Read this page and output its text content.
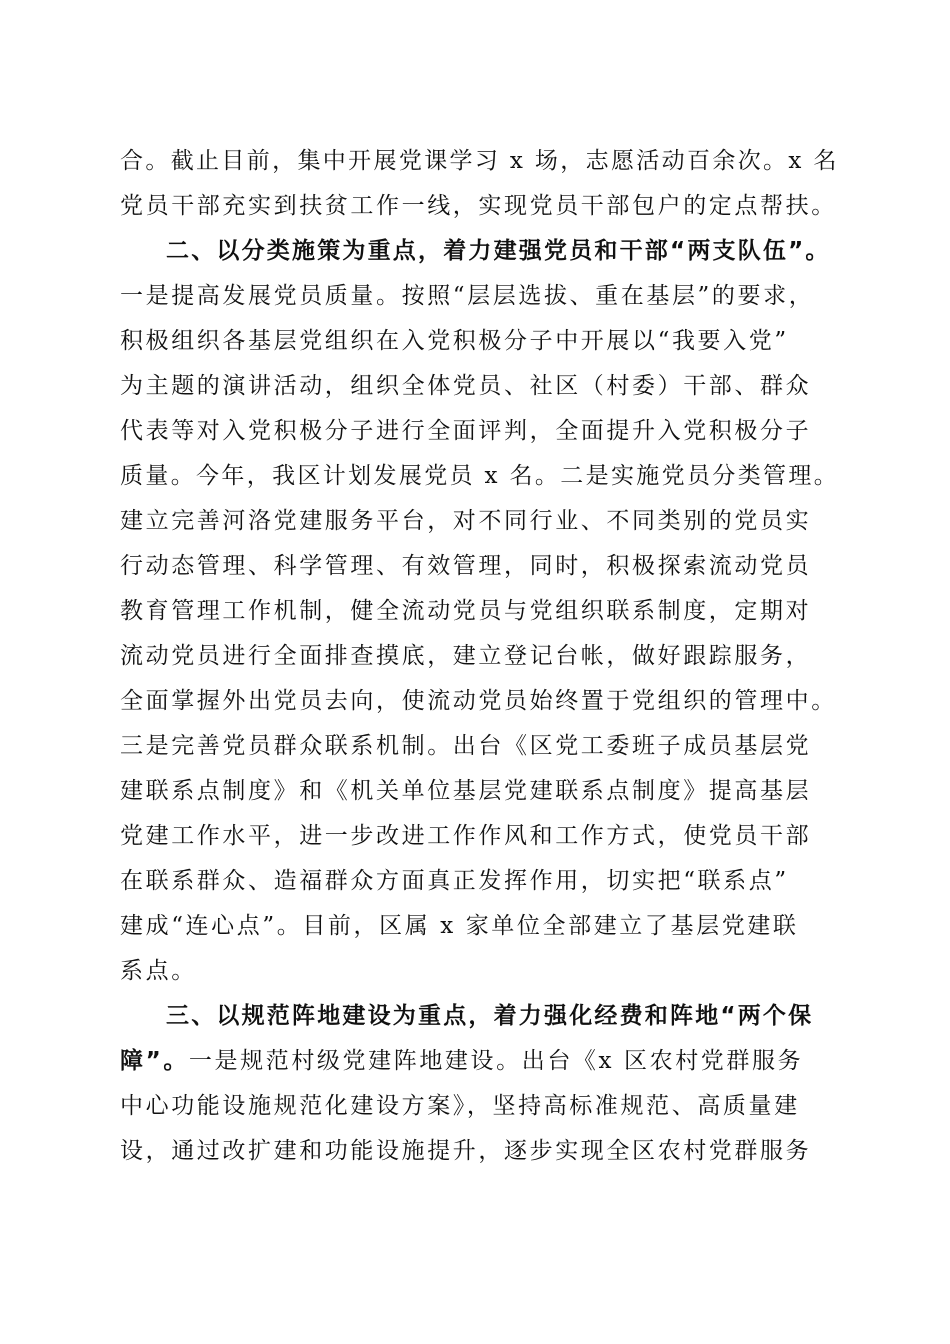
合。截止目前，集中开展党课学习 x 场，志愿活动百余次。x 名
党员干部充实到扶贫工作一线，实现党员干部包户的定点帮扶。
二、以分类施策为重点，着力建强党员和干部“两支队伍”。
一是提高发展党员质量。按照“层层选拔、重在基层”的要求，
积极组织各基层党组织在入党积极分子中开展以“我要入党”
为主题的演讲活动，组织全体党员、社区（村委）干部、群众
代表等对入党积极分子进行全面评判，全面提升入党积极分子
质量。今年，我区计划发展党员 x 名。二是实施党员分类管理。
建立完善河洛党建服务平台，对不同行业、不同类别的党员实
行动态管理、科学管理、有效管理，同时，积极探索流动党员
教育管理工作机制，健全流动党员与党组织联系制度，定期对
流动党员进行全面排查摸底，建立登记台帐，做好跟踪服务，
全面掌握外出党员去向，使流动党员始终置于党组织的管理中。
三是完善党员群众联系机制。出台《区党工委班子成员基层党
建联系点制度》和《机关单位基层党建联系点制度》提高基层
党建工作水平，进一步改进工作作风和工作方式，使党员干部
在联系群众、造福群众方面真正发挥作用，切实把“联系点”
建成“连心点”。目前，区属 x 家单位全部建立了基层党建联
系点。
三、以规范阵地建设为重点，着力强化经费和阵地“两个保
障”。一是规范村级党建阵地建设。出台《x 区农村党群服务
中心功能设施规范化建设方案》，坚持高标准规范、高质量建
设，通过改扩建和功能设施提升，逐步实现全区农村党群服务
